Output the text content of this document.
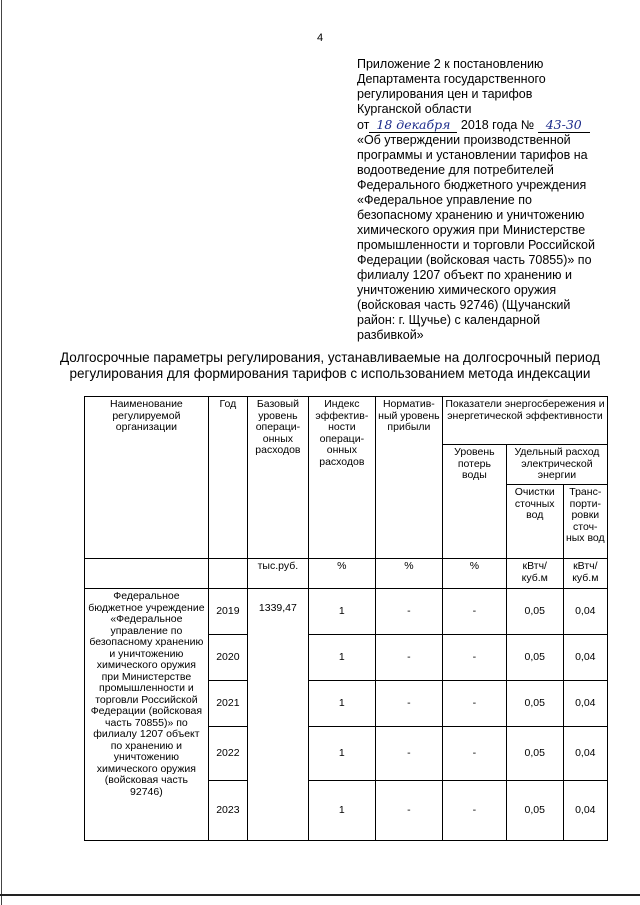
4
Приложение 2 к постановлению
Департамента государственного
регулирования цен и тарифов
Курганской области
от 18 декабря 2018 года № 43-30
«Об утверждении производственной
программы и установлении тарифов на
водоотведение для потребителей
Федерального бюджетного учреждения
«Федеральное управление по
безопасному хранению и уничтожению
химического оружия при Министерстве
промышленности и торговли Российской
Федерации (войсковая часть 70855)» по
филиалу 1207 объект по хранению и
уничтожению химического оружия
(войсковая часть 92746) (Щучанский
район: г. Щучье) с календарной
разбивкой»
Долгосрочные параметры регулирования, устанавливаемые на долгосрочный период
регулирования для формирования тарифов с использованием метода индексации
Наименование регулируемой организации	Год	Базовый уровень операци-онных расходов	Индекс эффектив-ности операци-онных расходов	Норматив-ный уровень прибыли	Показатели энергосбережения и энергетической эффективности		
					Уровень потерь воды	Удельный расход электрической энергии	
						Очистки сточных вод	Транс-порти-ровки сточ-ных вод
		тыс.руб.	%	%	%	кВтч/ куб.м	кВтч/ куб.м
Федеральное бюджетное учреждение «Федеральное управление по безопасному хранению и уничтожению химического оружия при Министерстве промышленности и торговли Российской Федерации (войсковая часть 70855)» по филиалу 1207 объект по хранению и уничтожению химического оружия (войсковая часть 92746)	2019	1339,47	1	-	-	0,05	0,04
	2020		1	-	-	0,05	0,04
	2021		1	-	-	0,05	0,04
	2022		1	-	-	0,05	0,04
	2023		1	-	-	0,05	0,04
